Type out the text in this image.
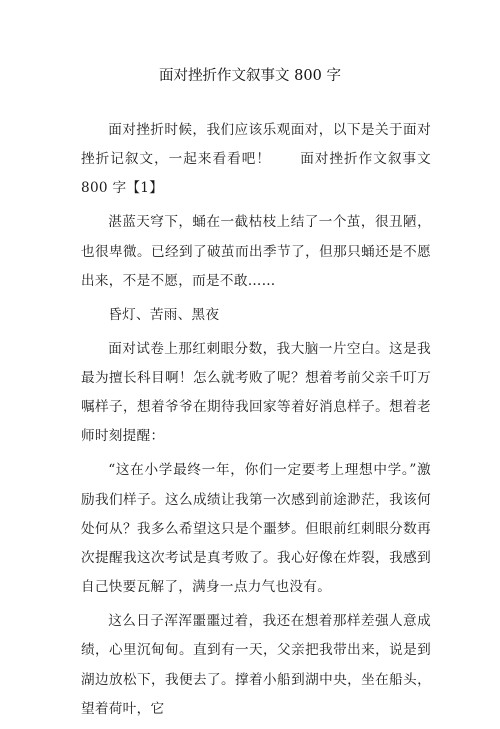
面对挫折作文叙事文 800 字

面对挫折时候，我们应该乐观面对，以下是关于面对挫折记叙文，一起来看看吧！　　面对挫折作文叙事文 800 字【1】

湛蓝天穹下，蛹在一截枯枝上结了一个茧，很丑陋，也很卑微。已经到了破茧而出季节了，但那只蛹还是不愿出来，不是不愿，而是不敢……

昏灯、苦雨、黑夜

面对试卷上那红刺眼分数，我大脑一片空白。这是我最为擅长科目啊！怎么就考败了呢？想着考前父亲千叮万嘱样子，想着爷爷在期待我回家等着好消息样子。想着老师时刻提醒：

“这在小学最终一年，你们一定要考上理想中学。”激励我们样子。这么成绩让我第一次感到前途渺茫，我该何处何从？我多么希望这只是个噩梦。但眼前红刺眼分数再次提醒我这次考试是真考败了。我心好像在炸裂，我感到自己快要瓦解了，满身一点力气也没有。

这么日子浑浑噩噩过着，我还在想着那样差强人意成绩，心里沉甸甸。直到有一天，父亲把我带出来，说是到湖边放松下，我便去了。撑着小船到湖中央，坐在船头，望着荷叶，它
